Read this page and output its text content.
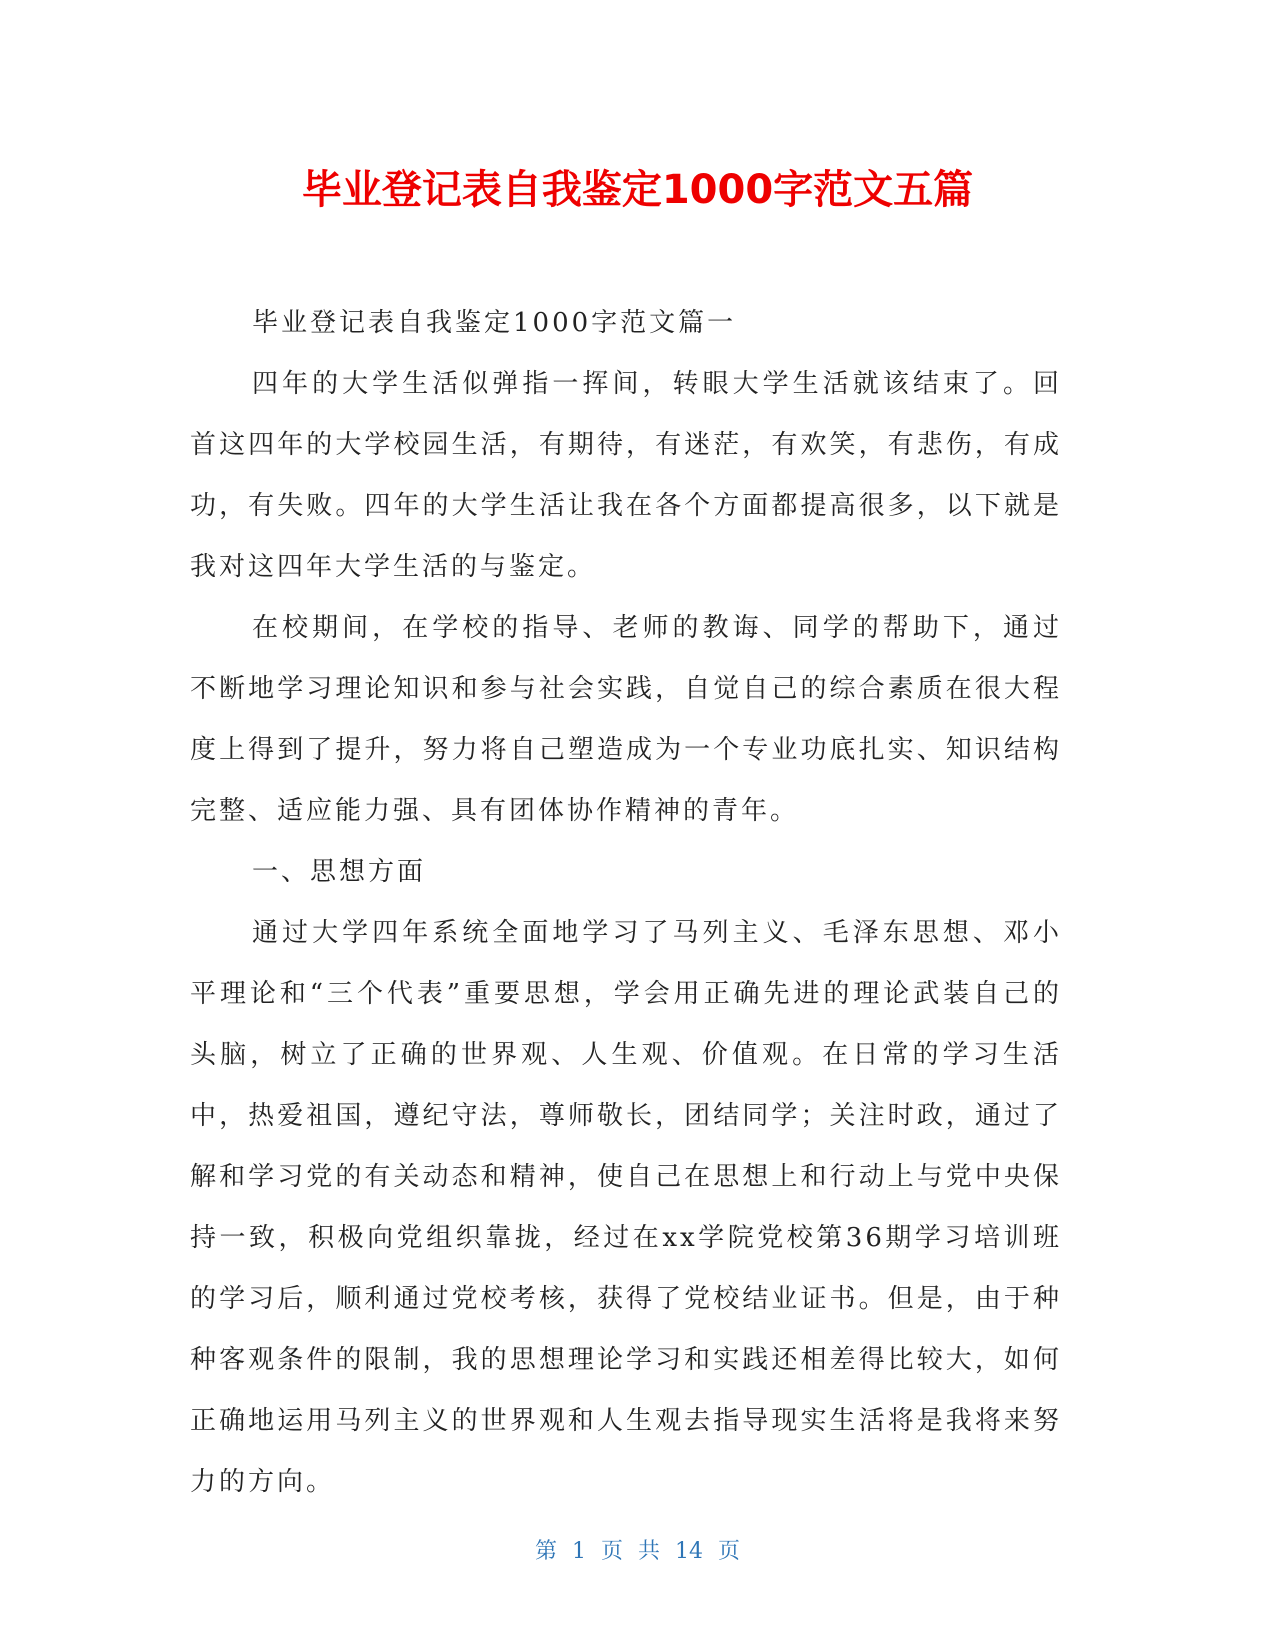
毕业登记表自我鉴定1000字范文五篇

毕业登记表自我鉴定1000字范文篇一

四年的大学生活似弹指一挥间，转眼大学生活就该结束了。回首这四年的大学校园生活，有期待，有迷茫，有欢笑，有悲伤，有成功，有失败。四年的大学生活让我在各个方面都提高很多，以下就是我对这四年大学生活的与鉴定。

在校期间，在学校的指导、老师的教诲、同学的帮助下，通过不断地学习理论知识和参与社会实践，自觉自己的综合素质在很大程度上得到了提升，努力将自己塑造成为一个专业功底扎实、知识结构完整、适应能力强、具有团体协作精神的青年。

一、思想方面

通过大学四年系统全面地学习了马列主义、毛泽东思想、邓小平理论和“三个代表”重要思想，学会用正确先进的理论武装自己的头脑，树立了正确的世界观、人生观、价值观。在日常的学习生活中，热爱祖国，遵纪守法，尊师敬长，团结同学；关注时政，通过了解和学习党的有关动态和精神，使自己在思想上和行动上与党中央保持一致，积极向党组织靠拢，经过在xx学院党校第36期学习培训班的学习后，顺利通过党校考核，获得了党校结业证书。但是，由于种种客观条件的限制，我的思想理论学习和实践还相差得比较大，如何正确地运用马列主义的世界观和人生观去指导现实生活将是我将来努力的方向。

第 1 页 共 14 页
